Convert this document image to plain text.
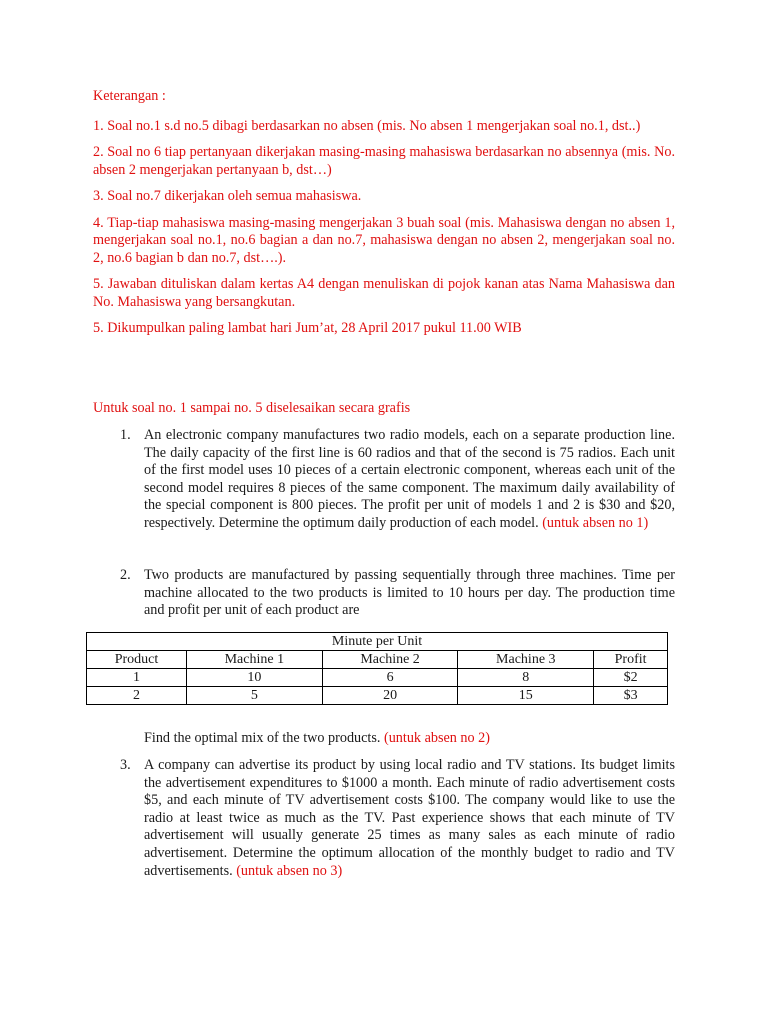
Keterangan :

1. Soal no.1 s.d no.5 dibagi berdasarkan no absen (mis. No absen 1 mengerjakan soal no.1, dst..)

2. Soal no 6 tiap pertanyaan dikerjakan masing-masing mahasiswa berdasarkan no absennya (mis. No. absen 2 mengerjakan pertanyaan b, dst…)

3. Soal no.7 dikerjakan oleh semua mahasiswa.

4. Tiap-tiap mahasiswa masing-masing mengerjakan 3 buah soal (mis. Mahasiswa dengan no absen 1, mengerjakan soal no.1, no.6 bagian a dan no.7, mahasiswa dengan no absen 2, mengerjakan soal no. 2, no.6 bagian b dan no.7, dst….).

5. Jawaban dituliskan dalam kertas A4 dengan menuliskan di pojok kanan atas Nama Mahasiswa dan No. Mahasiswa yang bersangkutan.

5. Dikumpulkan paling lambat hari Jum’at, 28 April 2017 pukul 11.00 WIB

Untuk soal no. 1 sampai no. 5 diselesaikan secara grafis
1. An electronic company manufactures two radio models, each on a separate production line. The daily capacity of the first line is 60 radios and that of the second is 75 radios. Each unit of the first model uses 10 pieces of a certain electronic component, whereas each unit of the second model requires 8 pieces of the same component. The maximum daily availability of the special component is 800 pieces. The profit per unit of models 1 and 2 is $30 and $20, respectively. Determine the optimum daily production of each model. (untuk absen no 1)
2. Two products are manufactured by passing sequentially through three machines. Time per machine allocated to the two products is limited to 10 hours per day. The production time and profit per unit of each product are
Minute per Unit				
Product	Machine 1	Machine 2	Machine 3	Profit
1	10	6	8	$2
2	5	20	15	$3
Find the optimal mix of the two products. (untuk absen no 2)
3. A company can advertise its product by using local radio and TV stations. Its budget limits the advertisement expenditures to $1000 a month. Each minute of radio advertisement costs $5, and each minute of TV advertisement costs $100. The company would like to use the radio at least twice as much as the TV. Past experience shows that each minute of TV advertisement will usually generate 25 times as many sales as each minute of radio advertisement. Determine the optimum allocation of the monthly budget to radio and TV advertisements. (untuk absen no 3)
